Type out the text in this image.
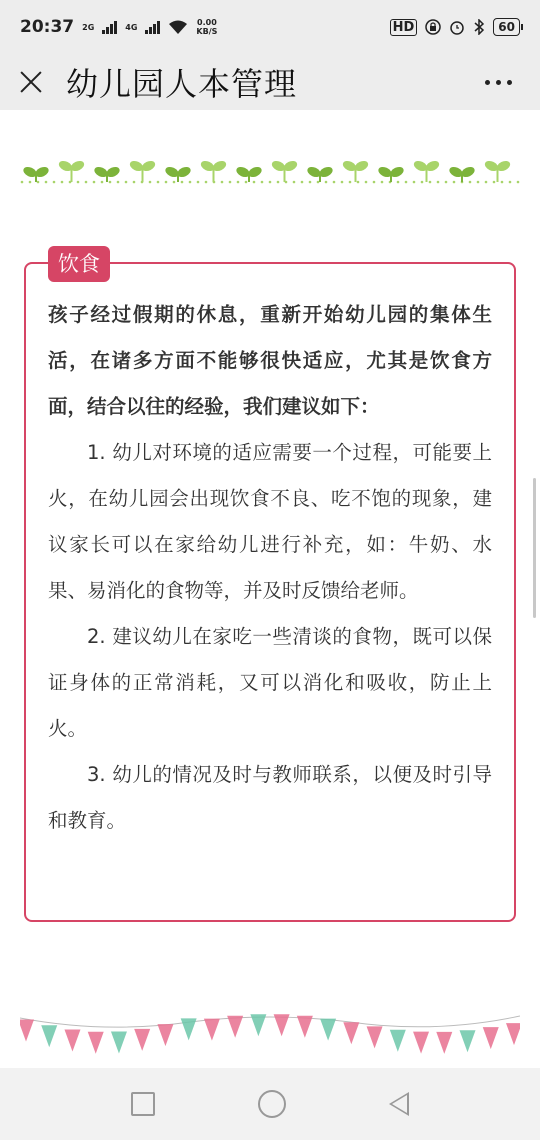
20:37 2G	4G	0.00
KB/S	HD	60
幼儿园人本管理
饮食

孩子经过假期的休息，重新开始幼儿园的集体生活，在诸多方面不能够很快适应，尤其是饮食方面，结合以往的经验，我们建议如下：

1. 幼儿对环境的适应需要一个过程，可能要上火，在幼儿园会出现饮食不良、吃不饱的现象，建议家长可以在家给幼儿进行补充，如：牛奶、水果、易消化的食物等，并及时反馈给老师。

2. 建议幼儿在家吃一些清谈的食物，既可以保证身体的正常消耗，又可以消化和吸收，防止上火。

3. 幼儿的情况及时与教师联系，以便及时引导和教育。
